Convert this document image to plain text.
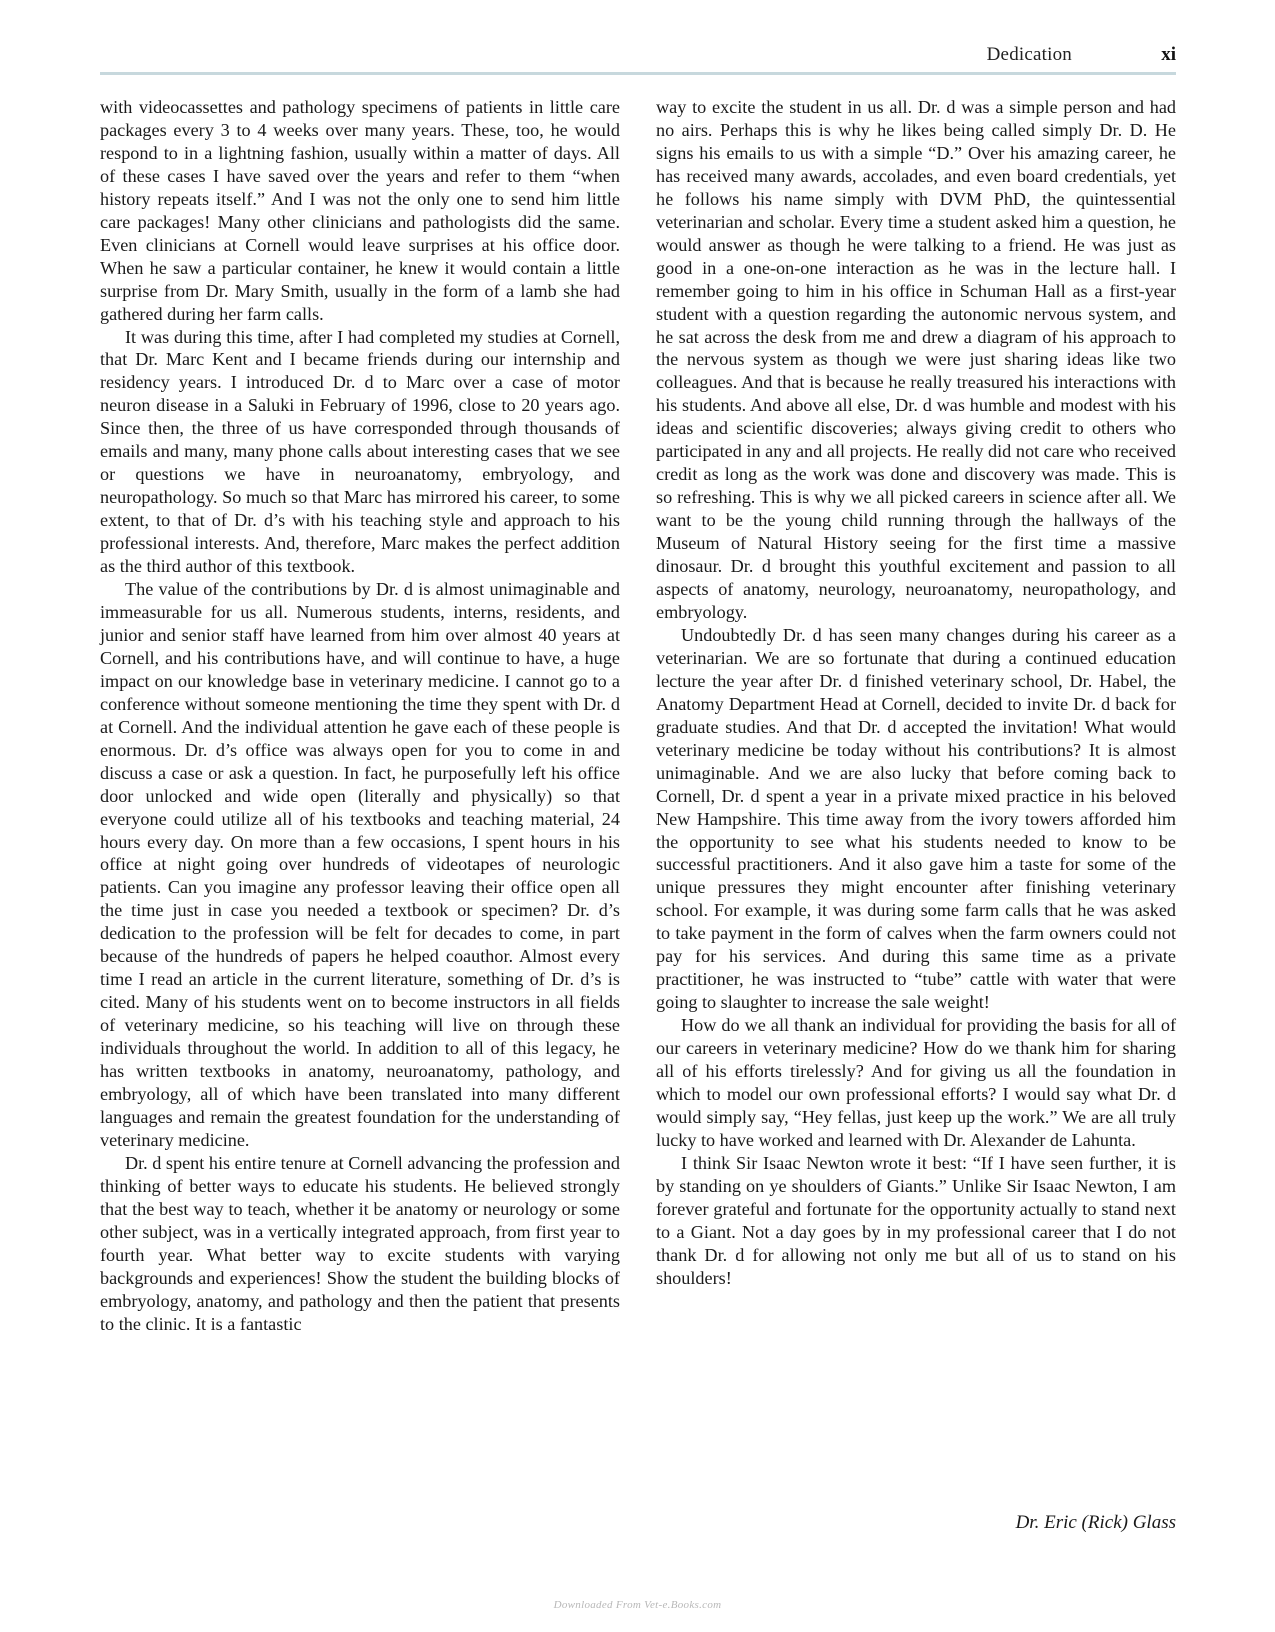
Dedication	xi

with videocassettes and pathology specimens of patients in little care packages every 3 to 4 weeks over many years. These, too, he would respond to in a lightning fashion, usually within a matter of days. All of these cases I have saved over the years and refer to them “when history repeats itself.” And I was not the only one to send him little care packages! Many other clinicians and pathologists did the same. Even clinicians at Cornell would leave surprises at his office door. When he saw a particular container, he knew it would contain a little surprise from Dr. Mary Smith, usually in the form of a lamb she had gathered during her farm calls.

It was during this time, after I had completed my studies at Cornell, that Dr. Marc Kent and I became friends during our internship and residency years. I introduced Dr. d to Marc over a case of motor neuron disease in a Saluki in February of 1996, close to 20 years ago. Since then, the three of us have corresponded through thousands of emails and many, many phone calls about interesting cases that we see or questions we have in neuroanatomy, embryology, and neuropathology. So much so that Marc has mirrored his career, to some extent, to that of Dr. d’s with his teaching style and approach to his professional interests. And, therefore, Marc makes the perfect addition as the third author of this textbook.

The value of the contributions by Dr. d is almost unimaginable and immeasurable for us all. Numerous students, interns, residents, and junior and senior staff have learned from him over almost 40 years at Cornell, and his contributions have, and will continue to have, a huge impact on our knowledge base in veterinary medicine. I cannot go to a conference without someone mentioning the time they spent with Dr. d at Cornell. And the individual attention he gave each of these people is enormous. Dr. d’s office was always open for you to come in and discuss a case or ask a question. In fact, he purposefully left his office door unlocked and wide open (literally and physically) so that everyone could utilize all of his textbooks and teaching material, 24 hours every day. On more than a few occasions, I spent hours in his office at night going over hundreds of videotapes of neurologic patients. Can you imagine any professor leaving their office open all the time just in case you needed a textbook or specimen? Dr. d’s dedication to the profession will be felt for decades to come, in part because of the hundreds of papers he helped coauthor. Almost every time I read an article in the current literature, something of Dr. d’s is cited. Many of his students went on to become instructors in all fields of veterinary medicine, so his teaching will live on through these individuals throughout the world. In addition to all of this legacy, he has written textbooks in anatomy, neuroanatomy, pathology, and embryology, all of which have been translated into many different languages and remain the greatest foundation for the understanding of veterinary medicine.

Dr. d spent his entire tenure at Cornell advancing the profession and thinking of better ways to educate his students. He believed strongly that the best way to teach, whether it be anatomy or neurology or some other subject, was in a vertically integrated approach, from first year to fourth year. What better way to excite students with varying backgrounds and experiences! Show the student the building blocks of embryology, anatomy, and pathology and then the patient that presents to the clinic. It is a fantastic

way to excite the student in us all. Dr. d was a simple person and had no airs. Perhaps this is why he likes being called simply Dr. D. He signs his emails to us with a simple “D.” Over his amazing career, he has received many awards, accolades, and even board credentials, yet he follows his name simply with DVM PhD, the quintessential veterinarian and scholar. Every time a student asked him a question, he would answer as though he were talking to a friend. He was just as good in a one-on-one interaction as he was in the lecture hall. I remember going to him in his office in Schuman Hall as a first-year student with a question regarding the autonomic nervous system, and he sat across the desk from me and drew a diagram of his approach to the nervous system as though we were just sharing ideas like two colleagues. And that is because he really treasured his interactions with his students. And above all else, Dr. d was humble and modest with his ideas and scientific discoveries; always giving credit to others who participated in any and all projects. He really did not care who received credit as long as the work was done and discovery was made. This is so refreshing. This is why we all picked careers in science after all. We want to be the young child running through the hallways of the Museum of Natural History seeing for the first time a massive dinosaur. Dr. d brought this youthful excitement and passion to all aspects of anatomy, neurology, neuroanatomy, neuropathology, and embryology.

Undoubtedly Dr. d has seen many changes during his career as a veterinarian. We are so fortunate that during a continued education lecture the year after Dr. d finished veterinary school, Dr. Habel, the Anatomy Department Head at Cornell, decided to invite Dr. d back for graduate studies. And that Dr. d accepted the invitation! What would veterinary medicine be today without his contributions? It is almost unimaginable. And we are also lucky that before coming back to Cornell, Dr. d spent a year in a private mixed practice in his beloved New Hampshire. This time away from the ivory towers afforded him the opportunity to see what his students needed to know to be successful practitioners. And it also gave him a taste for some of the unique pressures they might encounter after finishing veterinary school. For example, it was during some farm calls that he was asked to take payment in the form of calves when the farm owners could not pay for his services. And during this same time as a private practitioner, he was instructed to “tube” cattle with water that were going to slaughter to increase the sale weight!

How do we all thank an individual for providing the basis for all of our careers in veterinary medicine? How do we thank him for sharing all of his efforts tirelessly? And for giving us all the foundation in which to model our own professional efforts? I would say what Dr. d would simply say, “Hey fellas, just keep up the work.” We are all truly lucky to have worked and learned with Dr. Alexander de Lahunta.

I think Sir Isaac Newton wrote it best: “If I have seen further, it is by standing on ye shoulders of Giants.” Unlike Sir Isaac Newton, I am forever grateful and fortunate for the opportunity actually to stand next to a Giant. Not a day goes by in my professional career that I do not thank Dr. d for allowing not only me but all of us to stand on his shoulders!

Dr. Eric (Rick) Glass
Downloaded From Vet-e.Books.com
